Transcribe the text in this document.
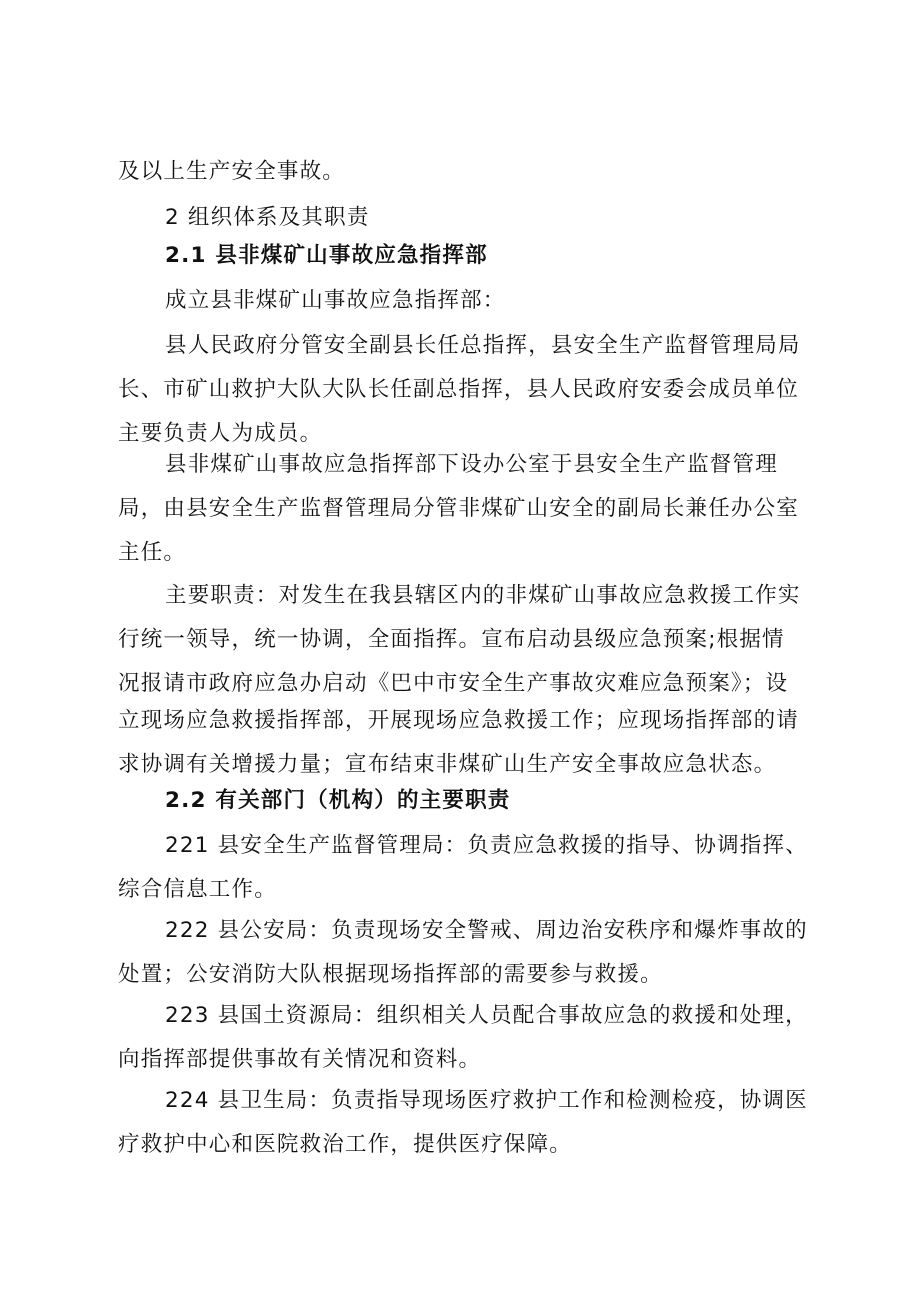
及以上生产安全事故。
2 组织体系及其职责
2.1 县非煤矿山事故应急指挥部
成立县非煤矿山事故应急指挥部：
县人民政府分管安全副县长任总指挥，县安全生产监督管理局局
长、市矿山救护大队大队长任副总指挥，县人民政府安委会成员单位
主要负责人为成员。
县非煤矿山事故应急指挥部下设办公室于县安全生产监督管理
局，由县安全生产监督管理局分管非煤矿山安全的副局长兼任办公室
主任。
主要职责：对发生在我县辖区内的非煤矿山事故应急救援工作实
行统一领导，统一协调，全面指挥。宣布启动县级应急预案;根据情
况报请市政府应急办启动《巴中市安全生产事故灾难应急预案》；设
立现场应急救援指挥部，开展现场应急救援工作；应现场指挥部的请
求协调有关增援力量；宣布结束非煤矿山生产安全事故应急状态。
2.2 有关部门（机构）的主要职责
221 县安全生产监督管理局：负责应急救援的指导、协调指挥、
综合信息工作。
222 县公安局：负责现场安全警戒、周边治安秩序和爆炸事故的
处置；公安消防大队根据现场指挥部的需要参与救援。
223 县国土资源局：组织相关人员配合事故应急的救援和处理，
向指挥部提供事故有关情况和资料。
224 县卫生局：负责指导现场医疗救护工作和检测检疫，协调医
疗救护中心和医院救治工作，提供医疗保障。
